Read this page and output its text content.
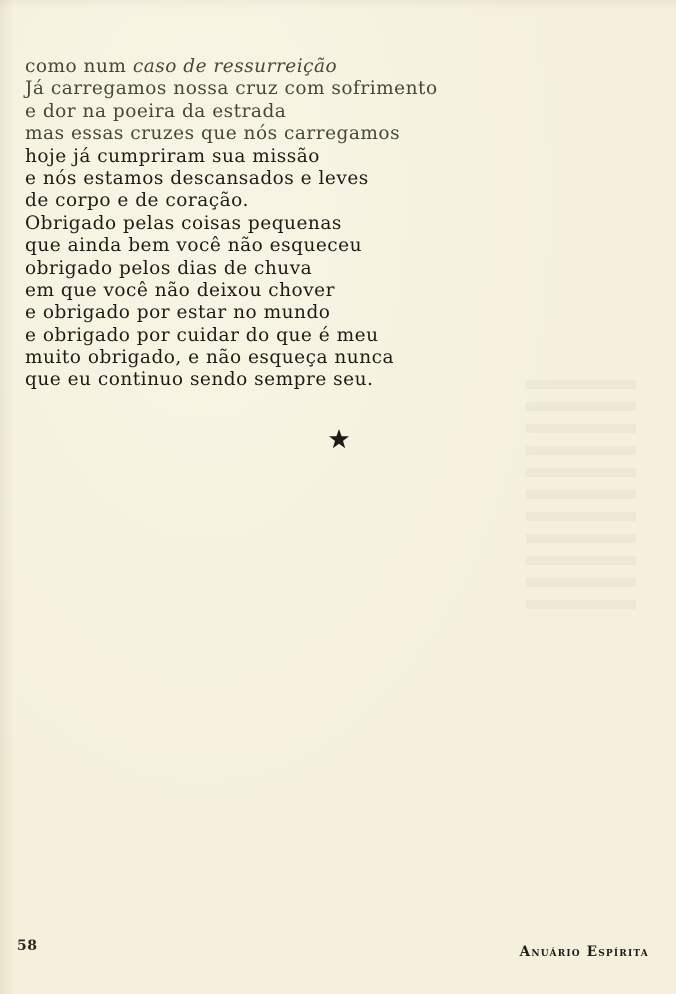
como num caso de ressurreição
Já carregamos nossa cruz com sofrimento
e dor na poeira da estrada
mas essas cruzes que nós carregamos
hoje já cumpriram sua missão
e nós estamos descansados e leves
de corpo e de coração.
Obrigado pelas coisas pequenas
que ainda bem você não esqueceu
obrigado pelos dias de chuva
em que você não deixou chover
e obrigado por estar no mundo
e obrigado por cuidar do que é meu
muito obrigado, e não esqueça nunca
que eu continuo sendo sempre seu.
58	Anuário Espírita
